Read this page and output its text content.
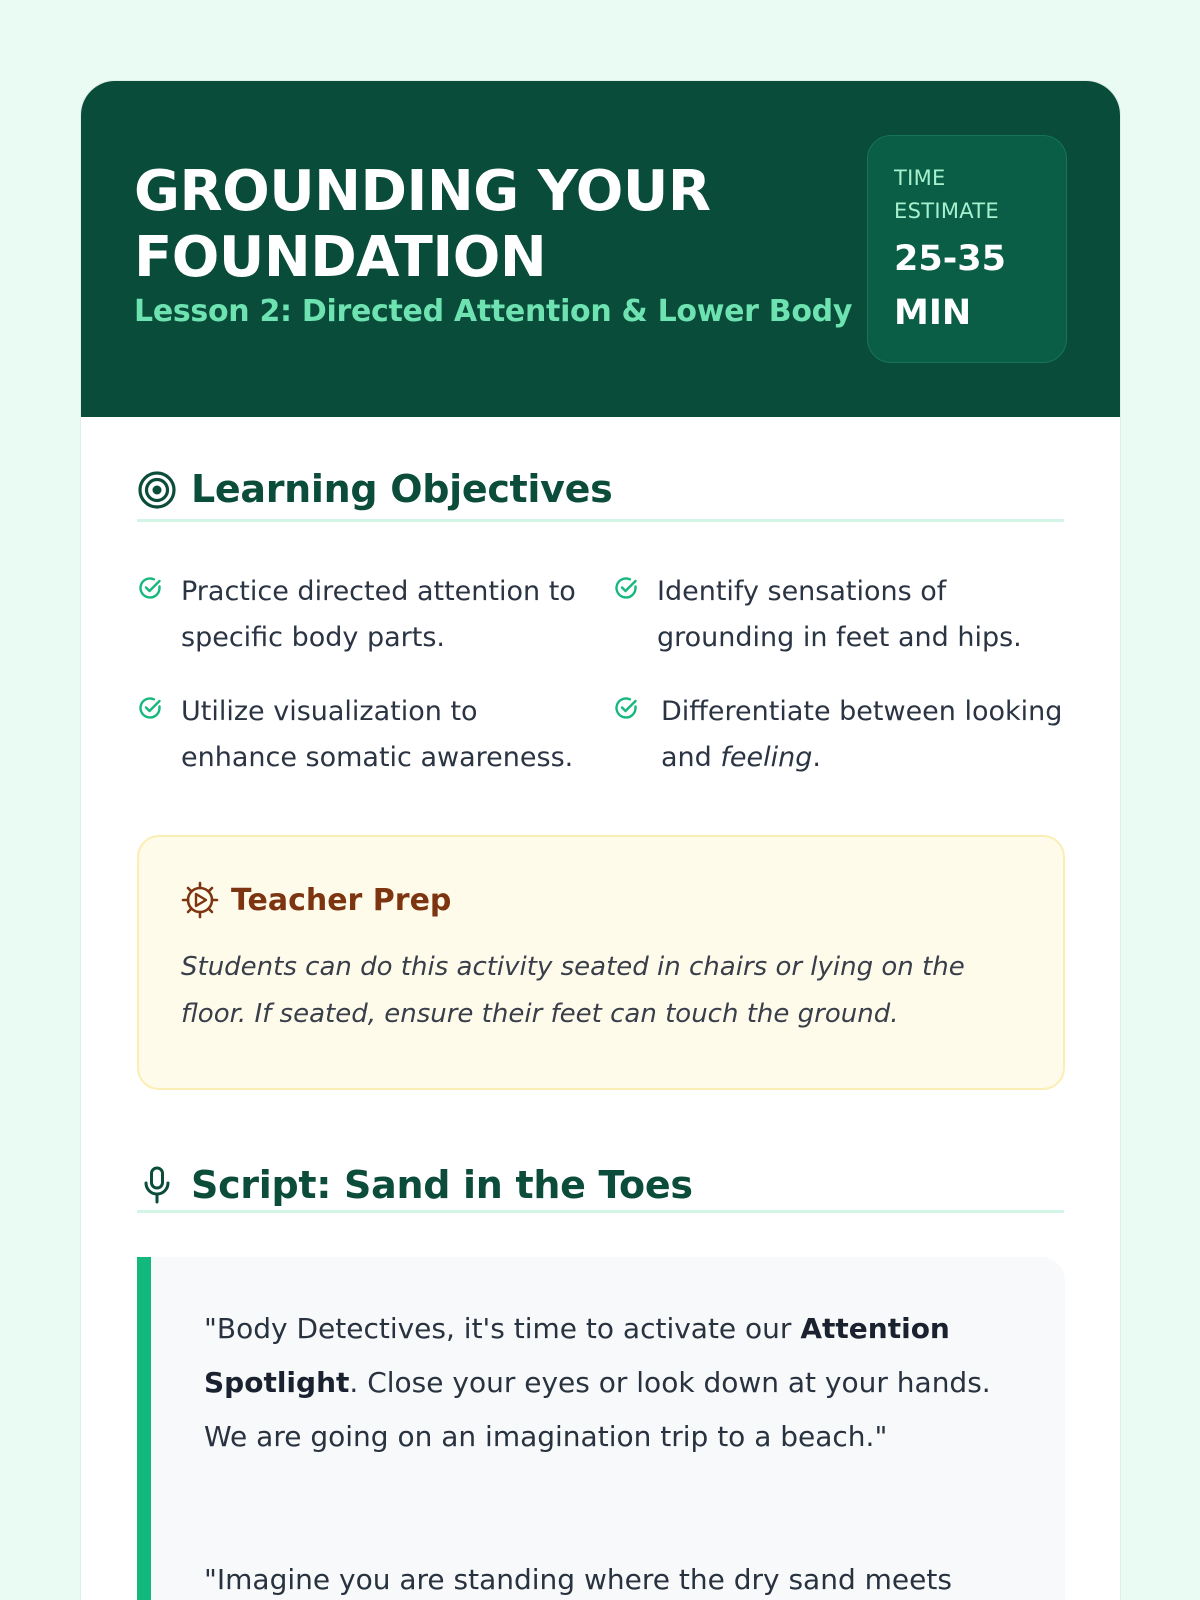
GROUNDING YOUR
FOUNDATION
Lesson 2: Directed Attention & Lower Body
TIME
ESTIMATE
25-35
MIN
Learning Objectives
Practice directed attention to specific body parts.
Identify sensations of grounding in feet and hips.
Utilize visualization to enhance somatic awareness.
Differentiate between looking and feeling.
Teacher Prep

Students can do this activity seated in chairs or lying on the floor. If seated, ensure their feet can touch the ground.

Script: Sand in the Toes
"Body Detectives, it's time to activate our Attention Spotlight. Close your eyes or look down at your hands. We are going on an imagination trip to a beach."
"Imagine you are standing where the dry sand meets
